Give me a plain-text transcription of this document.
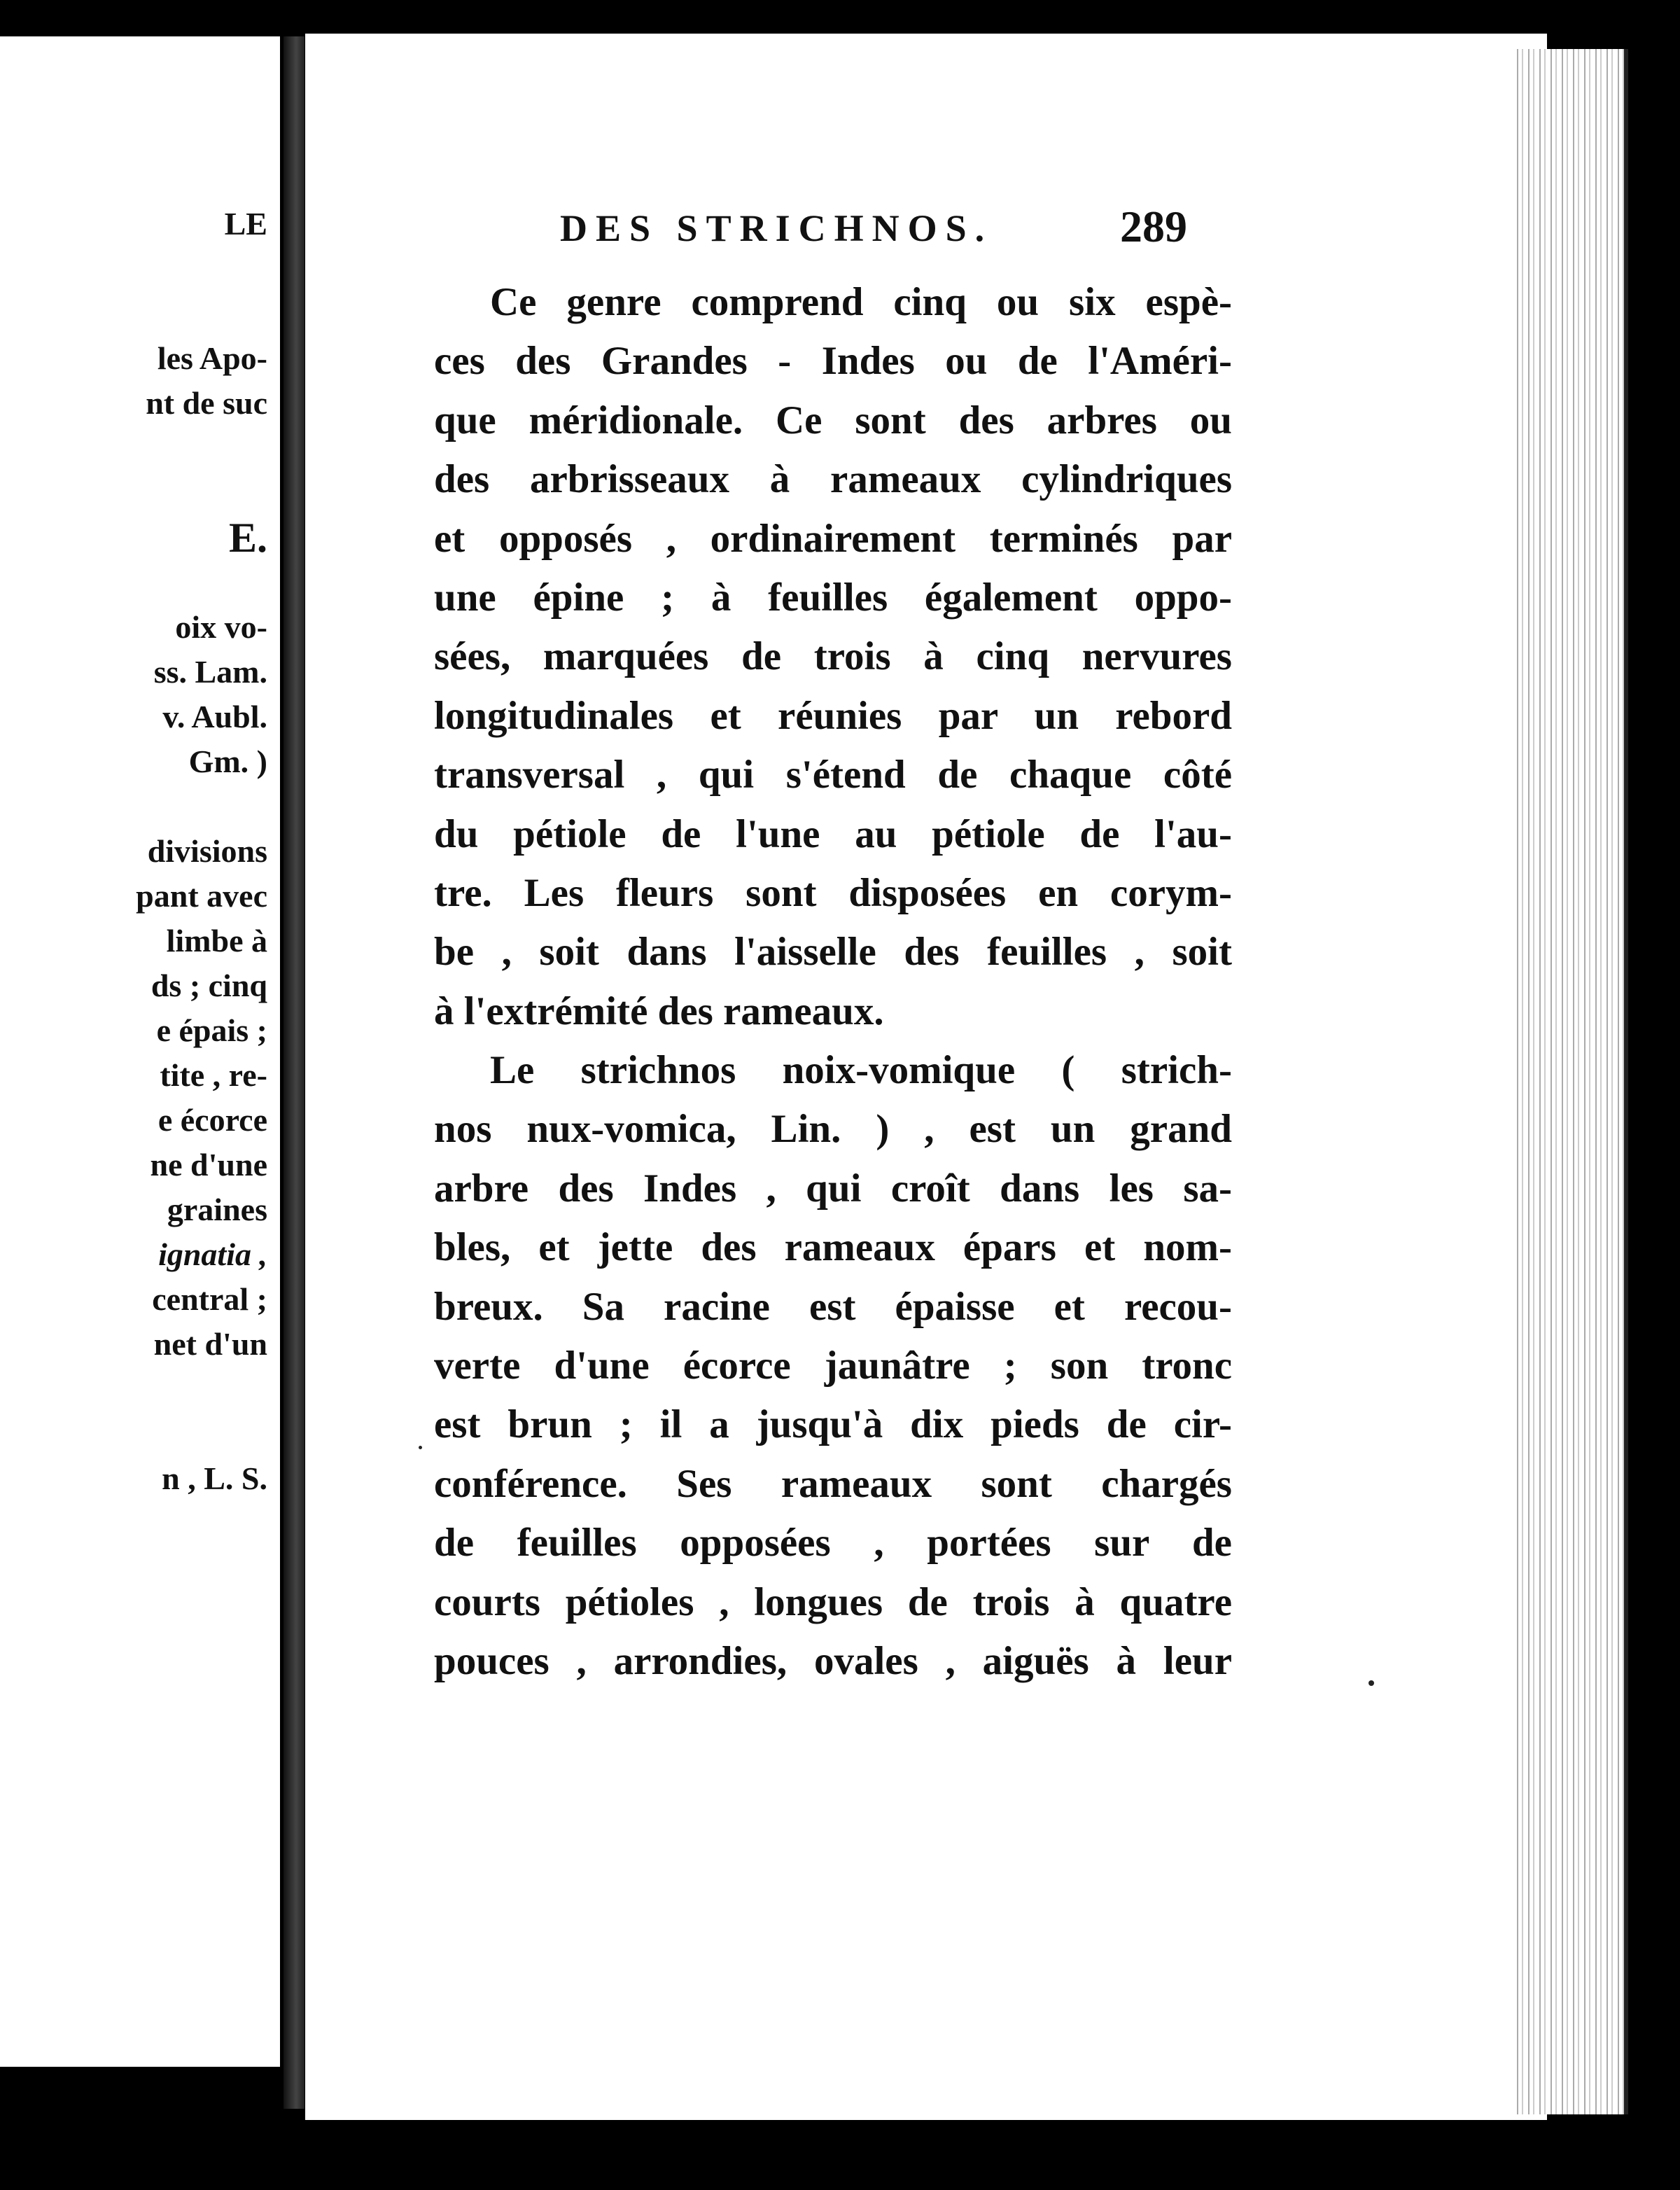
LE

les Apo-
nt de suc

E.

oix vo-
ss. Lam.
v. Aubl.
Gm. )

divisions
pant avec
limbe à
ds ; cinq
e épais ;
tite , re-
e écorce
ne d'une
graines
ignatia ,
central ;
net d'un

n , L. S.
DES STRICHNOS.	289
Ce genre comprend cinq ou six espè-
ces des Grandes - Indes ou de l'Améri-
que méridionale. Ce sont des arbres ou
des arbrisseaux à rameaux cylindriques
et opposés , ordinairement terminés par
une épine ; à feuilles également oppo-
sées, marquées de trois à cinq nervures
longitudinales et réunies par un rebord
transversal , qui s'étend de chaque côté
du pétiole de l'une au pétiole de l'au-
tre. Les fleurs sont disposées en corym-
be , soit dans l'aisselle des feuilles , soit
à l'extrémité des rameaux.
Le strichnos noix-vomique ( strich-
nos nux-vomica, Lin. ) , est un grand
arbre des Indes , qui croît dans les sa-
bles, et jette des rameaux épars et nom-
breux. Sa racine est épaisse et recou-
verte d'une écorce jaunâtre ; son tronc
est brun ; il a jusqu'à dix pieds de cir-
conférence. Ses rameaux sont chargés
de feuilles opposées , portées sur de
courts pétioles , longues de trois à quatre
pouces , arrondies, ovales , aiguës à leur
